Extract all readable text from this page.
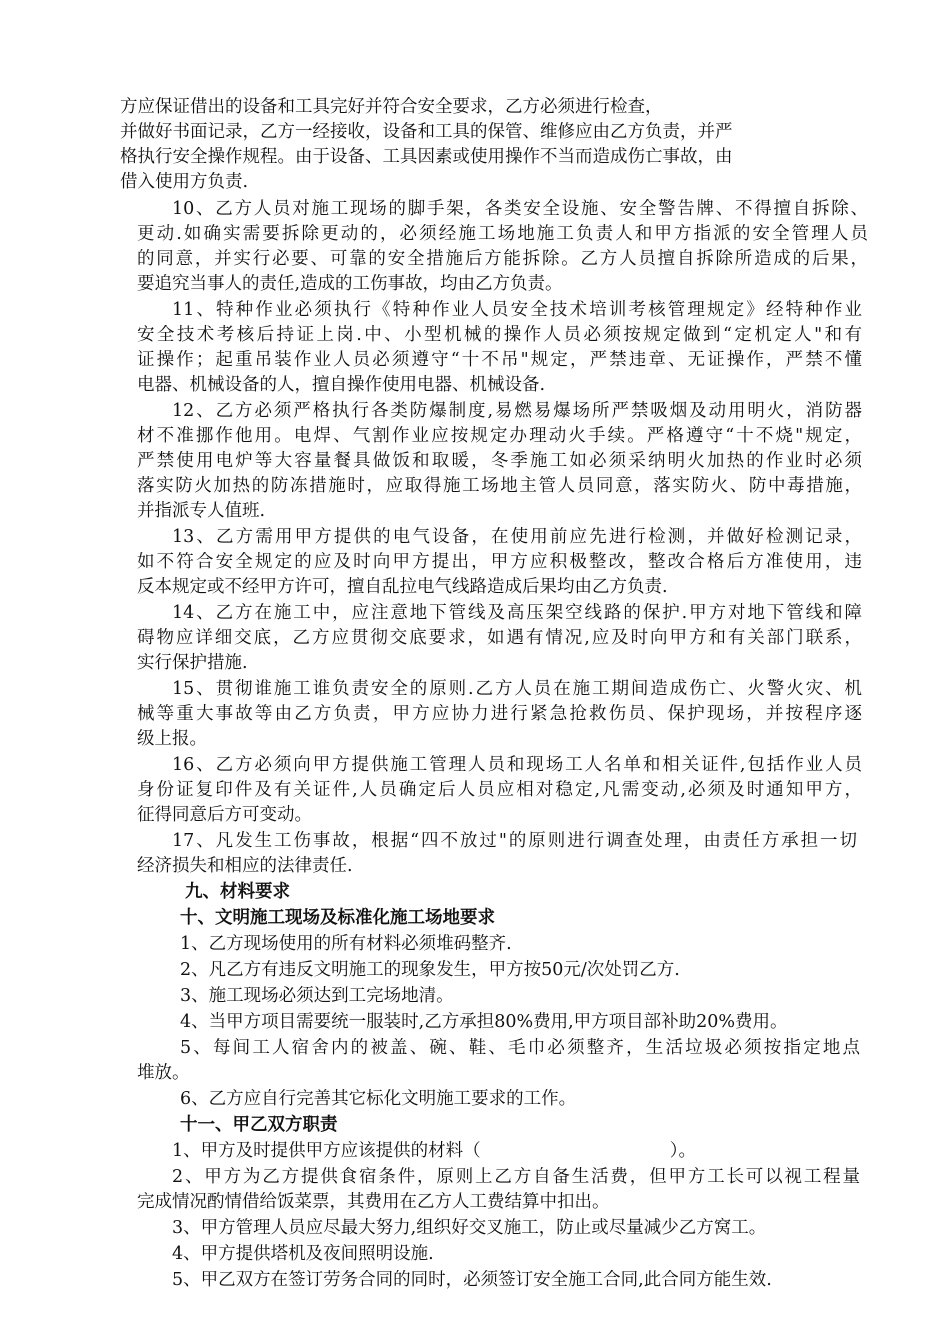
方应保证借出的设备和工具完好并符合安全要求，乙方必须进行检查，
并做好书面记录，乙方一经接收，设备和工具的保管、维修应由乙方负责，并严
格执行安全操作规程。由于设备、工具因素或使用操作不当而造成伤亡事故，由
借入使用方负责.
10、乙方人员对施工现场的脚手架，各类安全设施、安全警告牌、不得擅自拆除、
更动.如确实需要拆除更动的，必须经施工场地施工负责人和甲方指派的安全管理人员
的同意，并实行必要、可靠的安全措施后方能拆除。乙方人员擅自拆除所造成的后果，
要追究当事人的责任,造成的工伤事故，均由乙方负责。
11、特种作业必须执行《特种作业人员安全技术培训考核管理规定》经特种作业
安全技术考核后持证上岗.中、小型机械的操作人员必须按规定做到“定机定人"和有
证操作；起重吊装作业人员必须遵守“十不吊"规定，严禁违章、无证操作，严禁不懂
电器、机械设备的人，擅自操作使用电器、机械设备.
12、乙方必须严格执行各类防爆制度,易燃易爆场所严禁吸烟及动用明火，消防器
材不准挪作他用。电焊、气割作业应按规定办理动火手续。严格遵守“十不烧"规定，
严禁使用电炉等大容量餐具做饭和取暖，冬季施工如必须采纳明火加热的作业时必须
落实防火加热的防冻措施时，应取得施工场地主管人员同意，落实防火、防中毒措施，
并指派专人值班.
13、乙方需用甲方提供的电气设备，在使用前应先进行检测，并做好检测记录，
如不符合安全规定的应及时向甲方提出，甲方应积极整改，整改合格后方准使用，违
反本规定或不经甲方许可，擅自乱拉电气线路造成后果均由乙方负责.
14、乙方在施工中，应注意地下管线及高压架空线路的保护.甲方对地下管线和障
碍物应详细交底，乙方应贯彻交底要求，如遇有情况,应及时向甲方和有关部门联系，
实行保护措施.
15、贯彻谁施工谁负责安全的原则.乙方人员在施工期间造成伤亡、火警火灾、机
械等重大事故等由乙方负责，甲方应协力进行紧急抢救伤员、保护现场，并按程序逐
级上报。
16、乙方必须向甲方提供施工管理人员和现场工人名单和相关证件,包括作业人员
身份证复印件及有关证件,人员确定后人员应相对稳定,凡需变动,必须及时通知甲方，
征得同意后方可变动。
17、凡发生工伤事故，根据“四不放过"的原则进行调查处理，由责任方承担一切
经济损失和相应的法律责任.
九、材料要求
十、文明施工现场及标准化施工场地要求
1、乙方现场使用的所有材料必须堆码整齐.
2、凡乙方有违反文明施工的现象发生，甲方按50元/次处罚乙方.
3、施工现场必须达到工完场地清。
4、当甲方项目需要统一服装时,乙方承担80%费用,甲方项目部补助20%费用。
5、每间工人宿舍内的被盖、碗、鞋、毛巾必须整齐，生活垃圾必须按指定地点
堆放。
6、乙方应自行完善其它标化文明施工要求的工作。
十一、甲乙双方职责
1、甲方及时提供甲方应该提供的材料（                                  ）。
2、甲方为乙方提供食宿条件，原则上乙方自备生活费，但甲方工长可以视工程量
完成情况酌情借给饭菜票，其费用在乙方人工费结算中扣出。
3、甲方管理人员应尽最大努力,组织好交叉施工，防止或尽量减少乙方窝工。
4、甲方提供塔机及夜间照明设施.
5、甲乙双方在签订劳务合同的同时，必须签订安全施工合同,此合同方能生效.
